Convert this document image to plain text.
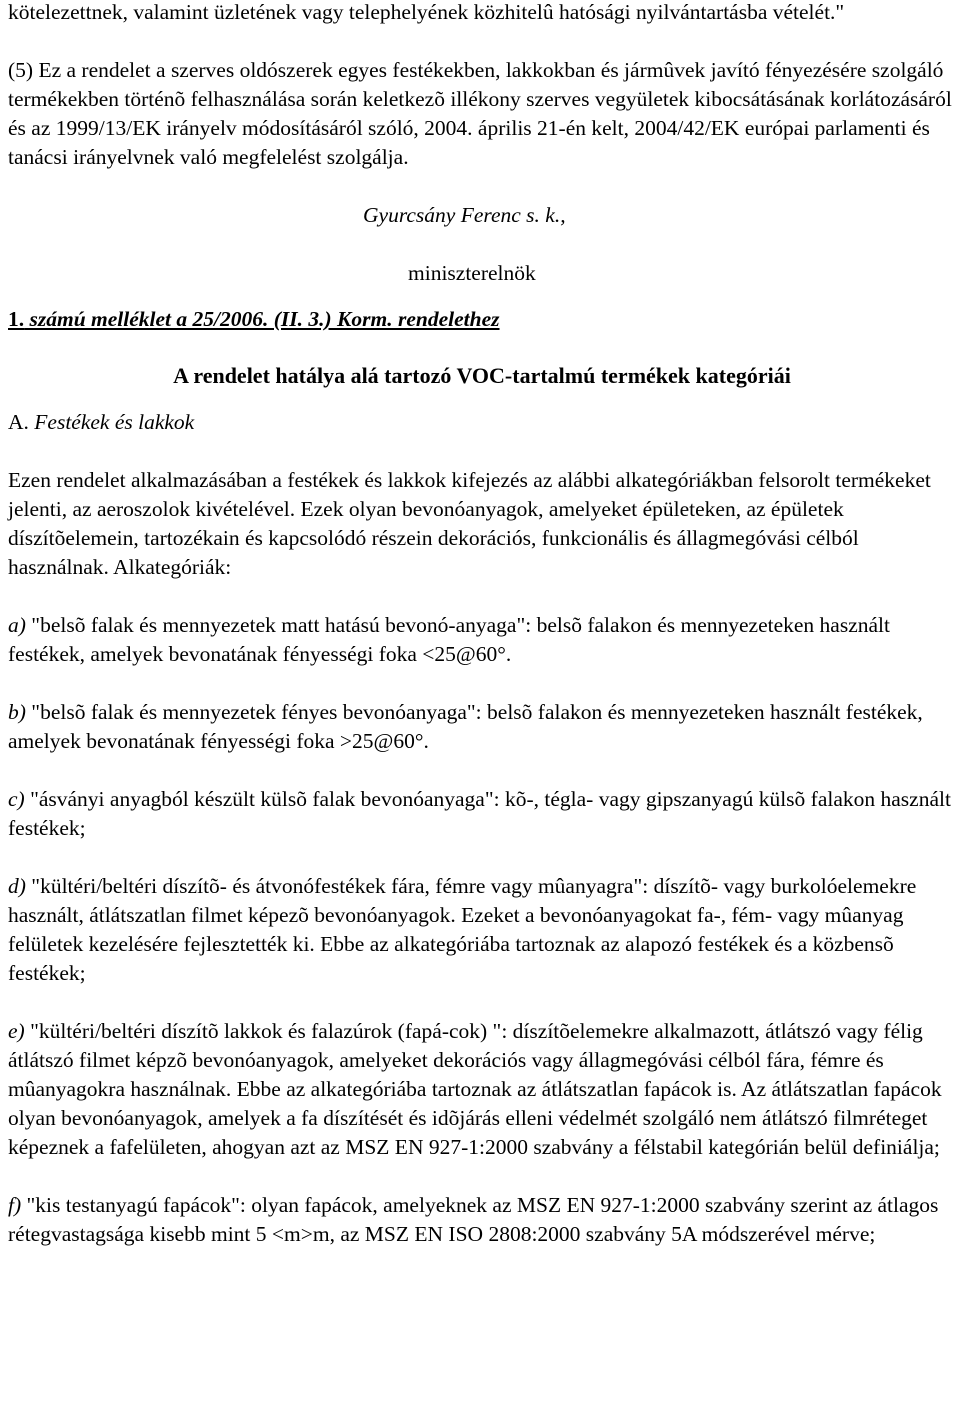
kötelezettnek, valamint üzletének vagy telephelyének közhitelû hatósági nyilvántartásba vételét."

(5) Ez a rendelet a szerves oldószerek egyes festékekben, lakkokban és jármûvek javító fényezésére szolgáló termékekben történõ felhasználása során keletkezõ illékony szerves vegyületek kibocsátásának korlátozásáról és az 1999/13/EK irányelv módosításáról szóló, 2004. április 21-én kelt, 2004/42/EK európai parlamenti és tanácsi irányelvnek való megfelelést szolgálja.

Gyurcsány Ferenc s. k.,

miniszterelnök

1. számú melléklet a 25/2006. (II. 3.) Korm. rendelethez

A rendelet hatálya alá tartozó VOC-tartalmú termékek kategóriái

A. Festékek és lakkok

Ezen rendelet alkalmazásában a festékek és lakkok kifejezés az alábbi alkategóriákban felsorolt termékeket jelenti, az aeroszolok kivételével. Ezek olyan bevonóanyagok, amelyeket épületeken, az épületek díszítõelemein, tartozékain és kapcsolódó részein dekorációs, funkcionális és állagmegóvási célból használnak. Alkategóriák:

a) "belsõ falak és mennyezetek matt hatású bevonó-anyaga": belsõ falakon és mennyezeteken használt festékek, amelyek bevonatának fényességi foka <25@60°.

b) "belsõ falak és mennyezetek fényes bevonóanyaga": belsõ falakon és mennyezeteken használt festékek, amelyek bevonatának fényességi foka >25@60°.

c) "ásványi anyagból készült külsõ falak bevonóanyaga": kõ-, tégla- vagy gipszanyagú külsõ falakon használt festékek;

d) "kültéri/beltéri díszítõ- és átvonófestékek fára, fémre vagy mûanyagra": díszítõ- vagy burkolóelemekre használt, átlátszatlan filmet képezõ bevonóanyagok. Ezeket a bevonóanyagokat fa-, fém- vagy mûanyag felületek kezelésére fejlesztették ki. Ebbe az alkategóriába tartoznak az alapozó festékek és a közbensõ festékek;

e) "kültéri/beltéri díszítõ lakkok és falazúrok (fapá-cok) ": díszítõelemekre alkalmazott, átlátszó vagy félig átlátszó filmet képzõ bevonóanyagok, amelyeket dekorációs vagy állagmegóvási célból fára, fémre és mûanyagokra használnak. Ebbe az alkategóriába tartoznak az átlátszatlan fapácok is. Az átlátszatlan fapácok olyan bevonóanyagok, amelyek a fa díszítését és idõjárás elleni védelmét szolgáló nem átlátszó filmréteget képeznek a fafelületen, ahogyan azt az MSZ EN 927-1:2000 szabvány a félstabil kategórián belül definiálja;

f) "kis testanyagú fapácok": olyan fapácok, amelyeknek az MSZ EN 927-1:2000 szabvány szerint az átlagos rétegvastagsága kisebb mint 5 <m>m, az MSZ EN ISO 2808:2000 szabvány 5A módszerével mérve;
